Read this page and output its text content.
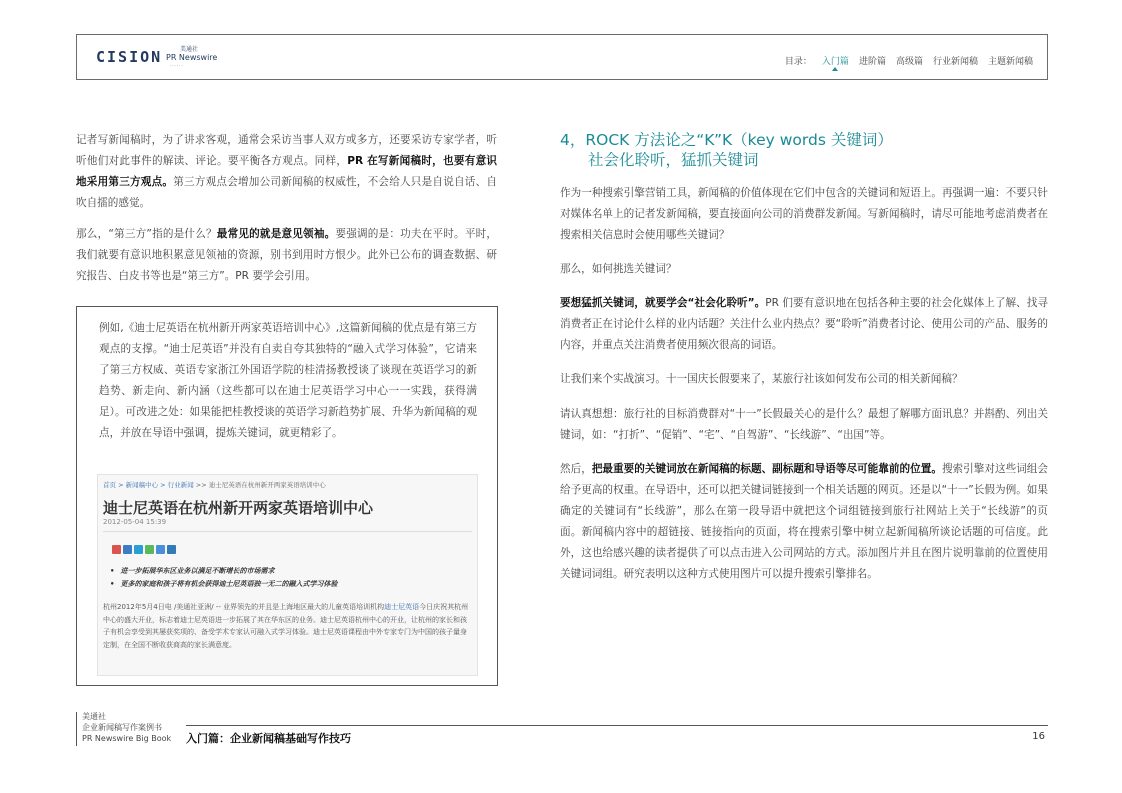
CISION	美通社
PR Newswire
......	目录： 入门篇 进阶篇 高级篇 行业新闻稿 主题新闻稿
记者写新闻稿时，为了讲求客观，通常会采访当事人双方或多方，还要采访专家学者，听听他们对此事件的解读、评论。要平衡各方观点。同样，PR 在写新闻稿时，也要有意识地采用第三方观点。第三方观点会增加公司新闻稿的权威性，不会给人只是自说自话、自吹自擂的感觉。
那么，“第三方”指的是什么？最常见的就是意见领袖。要强调的是：功夫在平时。平时，我们就要有意识地积累意见领袖的资源，别书到用时方恨少。此外已公布的调查数据、研究报告、白皮书等也是“第三方”。PR 要学会引用。
例如,《迪士尼英语在杭州新开两家英语培训中心》,这篇新闻稿的优点是有第三方观点的支撑。“迪士尼英语”并没有自卖自夸其独特的“融入式学习体验”，它请来了第三方权威、英语专家浙江外国语学院的桂清扬教授谈了谈现在英语学习的新趋势、新走向、新内涵（这些都可以在迪士尼英语学习中心一一实践，获得满足）。可改进之处：如果能把桂教授谈的英语学习新趋势扩展、升华为新闻稿的观点，并放在导语中强调，提炼关键词，就更精彩了。
首页 > 新闻稿中心 > 行业新闻 >> 迪士尼英语在杭州新开两家英语培训中心
迪士尼英语在杭州新开两家英语培训中心
2012-05-04 15:39
• 进一步拓展华东区业务以满足不断增长的市场需求
• 更多的家庭和孩子将有机会获得迪士尼英语独一无二的融入式学习体验
杭州2012年5月4日电 /美通社亚洲/ -- 业界领先的并且是上海地区最大的儿童英语培训机构迪士尼英语今日庆祝其杭州中心的盛大开业，标志着迪士尼英语进一步拓展了其在华东区的业务。迪士尼英语杭州中心的开业，让杭州的家长和孩子有机会享受到其屡获奖项的、备受学术专家认可融入式学习体验。迪士尼英语课程由中外专家专门为中国的孩子量身定制，在全国不断收获商高的家长满意度。
4，ROCK 方法论之“K”K（key words 关键词）
社会化聆听，猛抓关键词
作为一种搜索引擎营销工具，新闻稿的价值体现在它们中包含的关键词和短语上。再强调一遍：不要只针对媒体名单上的记者发新闻稿，要直接面向公司的消费群发新闻。写新闻稿时，请尽可能地考虑消费者在搜索相关信息时会使用哪些关键词？
那么，如何挑选关键词？
要想猛抓关键词，就要学会“社会化聆听”。PR 们要有意识地在包括各种主要的社会化媒体上了解、找寻消费者正在讨论什么样的业内话题？关注什么业内热点？要“聆听”消费者讨论、使用公司的产品、服务的内容，并重点关注消费者使用频次很高的词语。
让我们来个实战演习。十一国庆长假要来了，某旅行社该如何发布公司的相关新闻稿？
请认真想想：旅行社的目标消费群对“十一”长假最关心的是什么？最想了解哪方面讯息？并斟酌、列出关键词，如：“打折”、“促销”、“宅”、“自驾游”、“长线游”、“出国”等。
然后，把最重要的关键词放在新闻稿的标题、副标题和导语等尽可能靠前的位置。搜索引擎对这些词组会给予更高的权重。在导语中，还可以把关键词链接到一个相关话题的网页。还是以“十一”长假为例。如果确定的关键词有“长线游”，那么在第一段导语中就把这个词组链接到旅行社网站上关于“长线游”的页面。新闻稿内容中的超链接、链接指向的页面，将在搜索引擎中树立起新闻稿所谈论话题的可信度。此外，这也给感兴趣的读者提供了可以点击进入公司网站的方式。添加图片并且在图片说明靠前的位置使用关键词词组。研究表明以这种方式使用图片可以提升搜索引擎排名。
美通社
企业新闻稿写作案例书
PR Newswire Big Book 入门篇：企业新闻稿基础写作技巧	16
